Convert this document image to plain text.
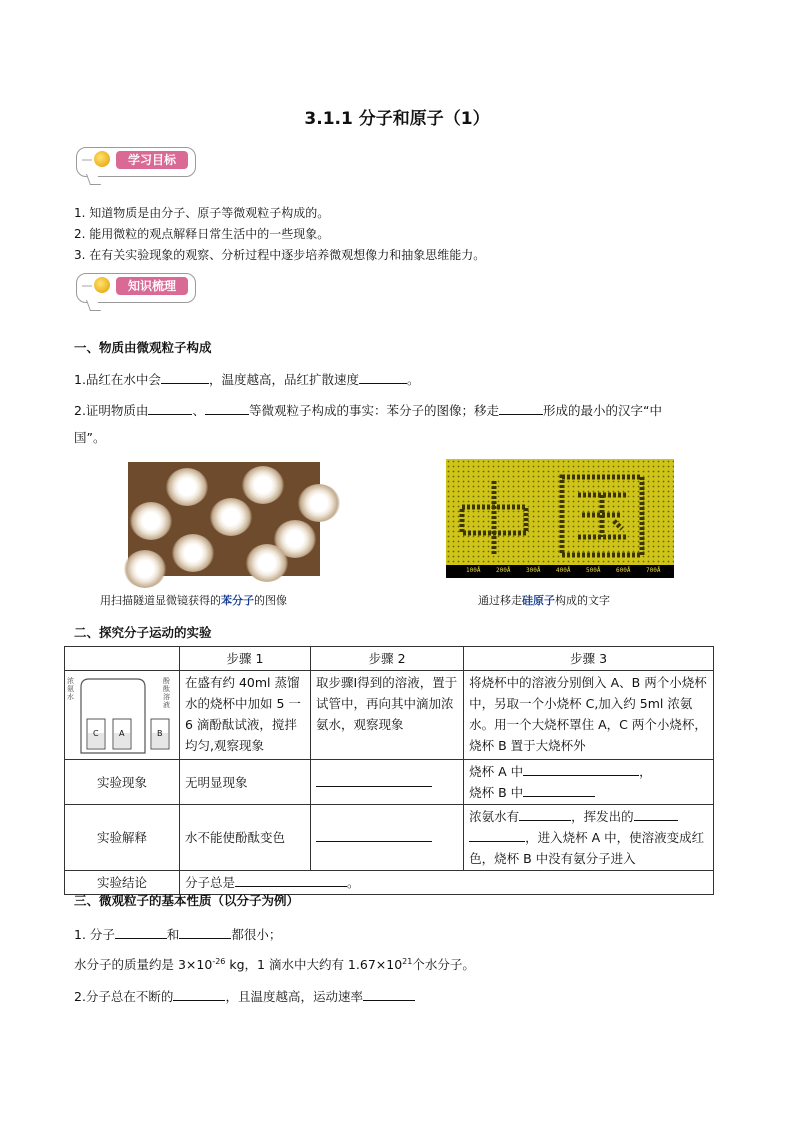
3.1.1 分子和原子（1）
学习目标
1. 知道物质是由分子、原子等微观粒子构成的。
2. 能用微粒的观点解释日常生活中的一些现象。
3. 在有关实验现象的观察、分析过程中逐步培养微观想像力和抽象思维能力。
知识梳理
一、物质由微观粒子构成
1.品红在水中会	，温度越高，品红扩散速度	。
2.证明物质由	、	等微观粒子构成的事实：苯分子的图像；移走	形成的最小的汉字“中
国”。
100Å	200Å	300Å	400Å	500Å	600Å	700Å
用扫描隧道显微镜获得的苯分子的图像	通过移走硅原子构成的文字
二、探究分子运动的实验
	步骤 1	步骤 2	步骤 3

浓氨水
酚酞溶液
C A B	在盛有约 40ml 蒸馏水的烧杯中加如 5 一 6 滴酚酞试液，搅拌均匀,观察现象	取步骤Ⅰ得到的溶液，置于试管中，再向其中滴加浓氨水，观察现象	将烧杯中的溶液分别倒入 A、B 两个小烧杯中，另取一个小烧杯 C,加入约 5ml 浓氨水。用一个大烧杯罩住 A，C 两个小烧杯，烧杯 B 置于大烧杯外
实验现象	无明显现象		烧杯 A 中 ，
烧杯 B 中
实验解释	水不能使酚酞变色		浓氨水有 ，挥发出的
，进入烧杯 A 中，使溶液变成红色，烧杯 B 中没有氨分子进入
实验结论	分子总是 。		
三、微观粒子的基本性质（以分子为例）
1. 分子	和	都很小；
水分子的质量约是 $3\times 10^{-26}$ kg，1 滴水中大约有 $1.67\times 10^{21}$个水分子。
2.分子总在不断的	，且温度越高，运动速率
